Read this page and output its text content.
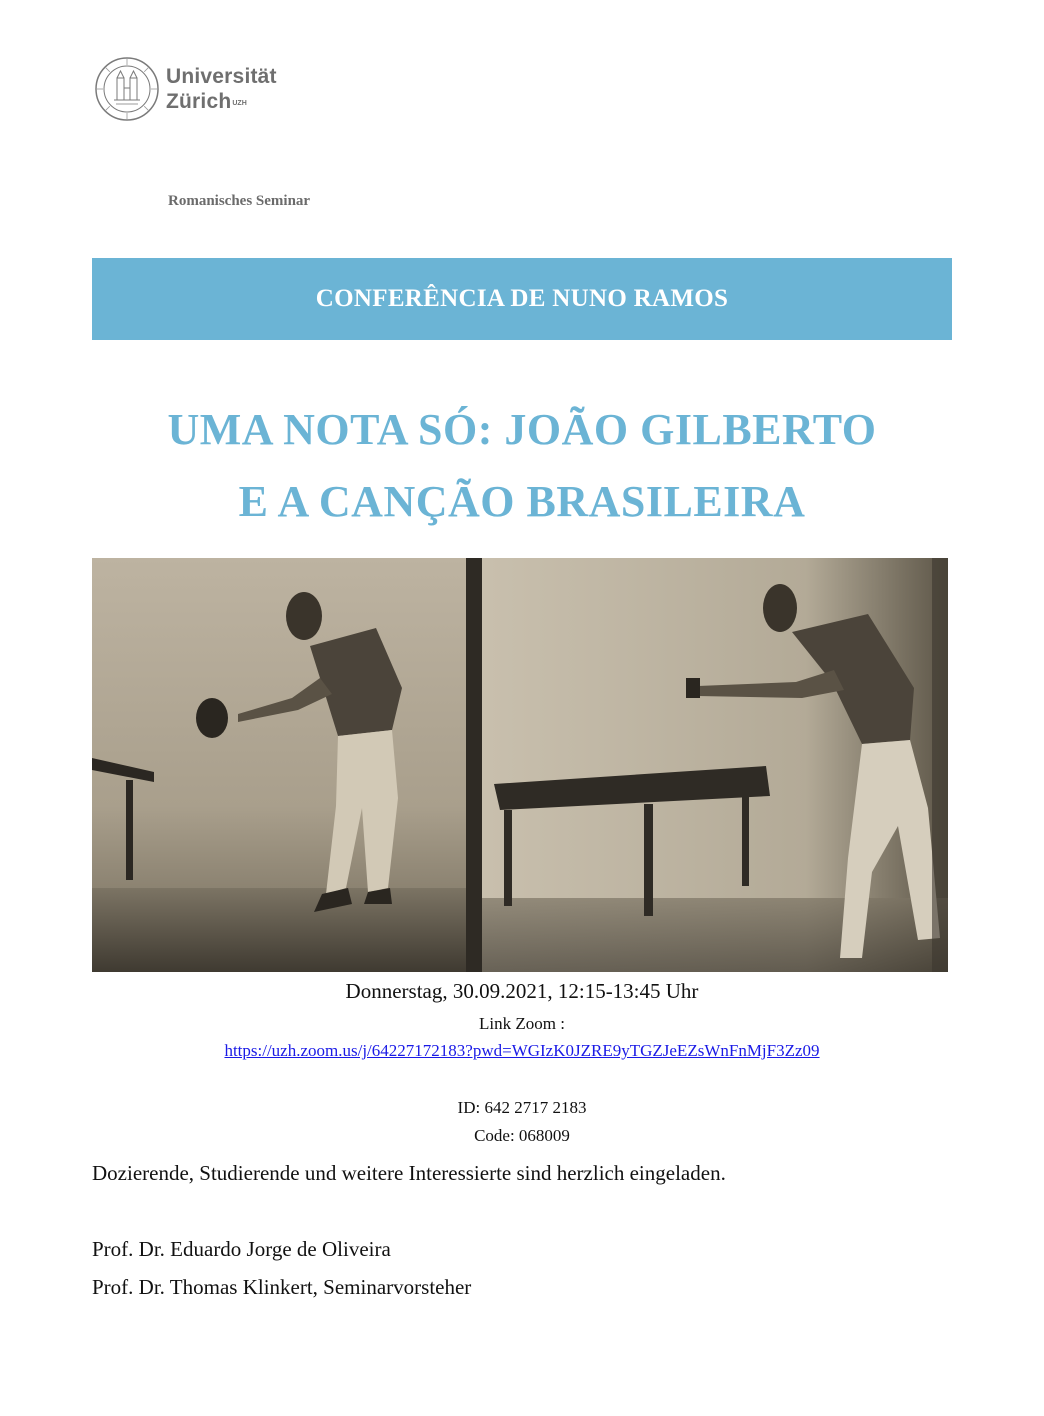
Universität
Zürich$^{UZH}$
Romanisches Seminar
CONFERÊNCIA DE NUNO RAMOS
UMA NOTA SÓ: JOÃO GILBERTO
E A CANÇÃO BRASILEIRA
Donnerstag, 30.09.2021, 12:15-13:45 Uhr
Link Zoom :
https://uzh.zoom.us/j/64227172183?pwd=WGIzK0JZRE9yTGZJeEZsWnFnMjF3Zz09
ID: 642 2717 2183
Code: 068009
Dozierende, Studierende und weitere Interessierte sind herzlich eingeladen.
Prof. Dr. Eduardo Jorge de Oliveira
Prof. Dr. Thomas Klinkert, Seminarvorsteher
